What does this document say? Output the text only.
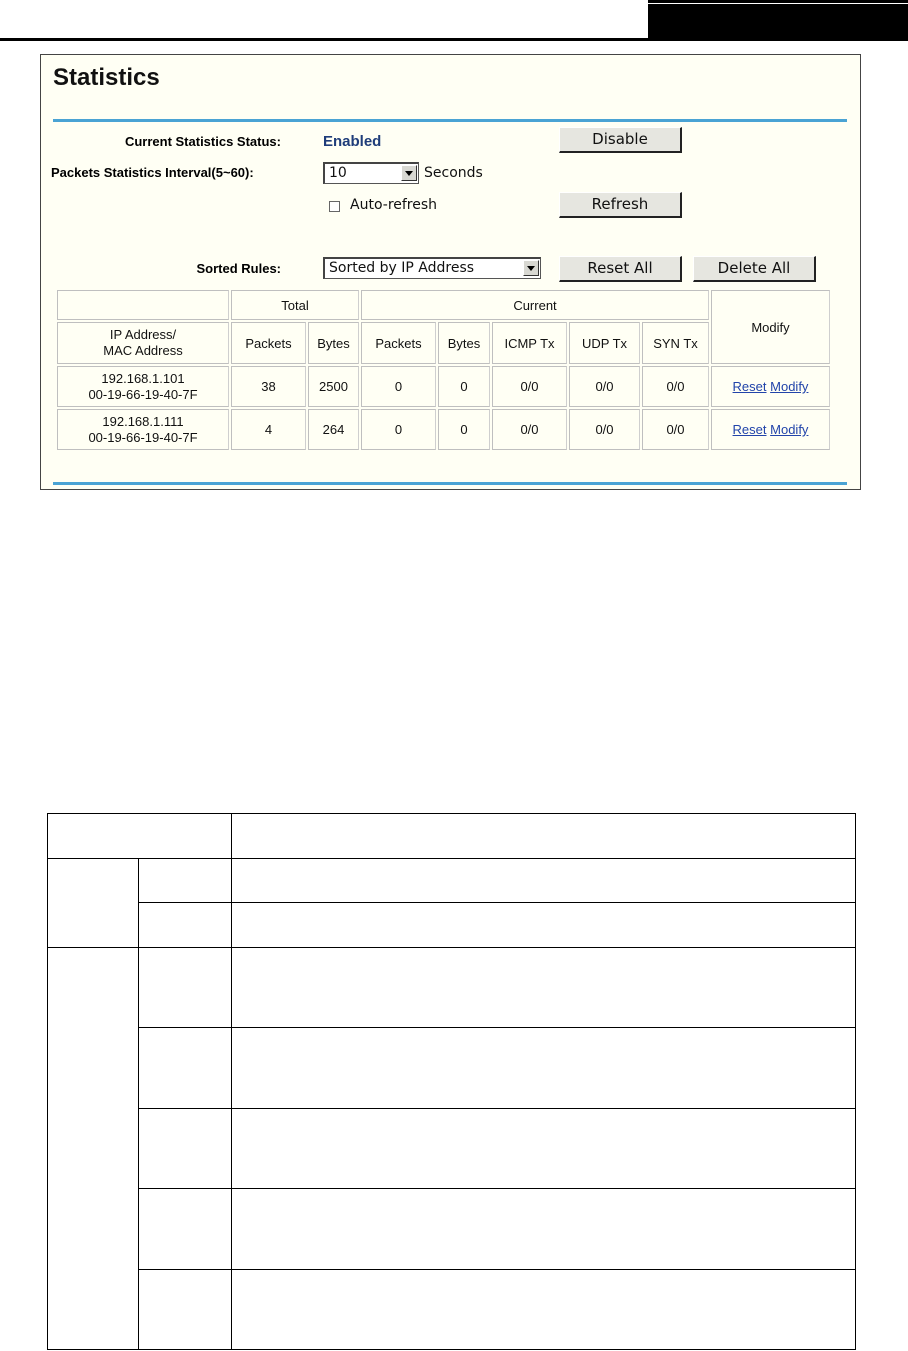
Statistics
Current Statistics Status:	Enabled	Disable
Packets Statistics Interval(5~60):	10	Seconds
Auto-refresh	Refresh
Sorted Rules:	Sorted by IP Address	Reset All	Delete All
	Total		Current					Modify
IP Address/
MAC Address	Packets	Bytes	Packets	Bytes	ICMP Tx	UDP Tx	SYN Tx	

192.168.1.101
00-19-66-19-40-7F	38	2500	0	0	0/0	0/0	0/0	Reset Modify

192.168.1.111
00-19-66-19-40-7F	4	264	0	0	0/0	0/0	0/0	Reset Modify
